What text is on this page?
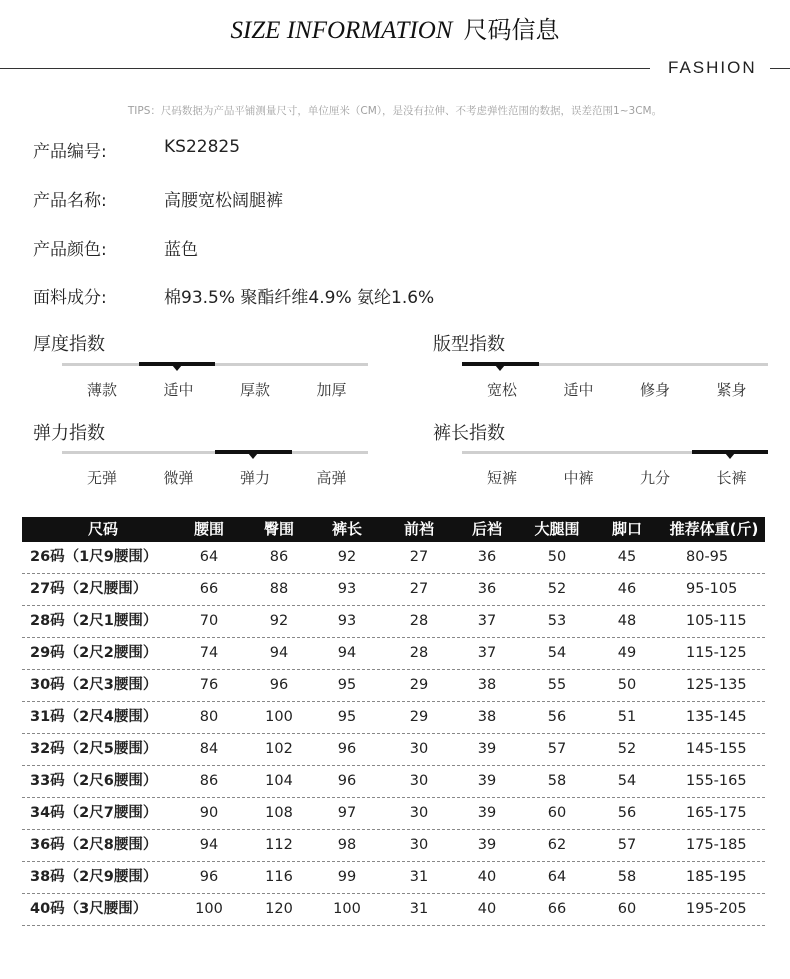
SIZE INFORMATION 尺码信息
FASHION
TIPS：尺码数据为产品平铺测量尺寸，单位厘米（CM），是没有拉伸、不考虑弹性范围的数据，误差范围1~3CM。
产品编号:	KS22825
产品名称:	高腰宽松阔腿裤
产品颜色:	蓝色
面料成分:	棉93.5% 聚酯纤维4.9% 氨纶1.6%
厚度指数
薄款	适中	厚款	加厚
版型指数
宽松	适中	修身	紧身
弹力指数
无弹	微弹	弹力	高弹
裤长指数
短裤	中裤	九分	长裤
尺码	腰围	臀围	裤长	前裆	后裆	大腿围	脚口	推荐体重(斤)
26码（1尺9腰围）	64	86	92	27	36	50	45	80-95
27码（2尺腰围）	66	88	93	27	36	52	46	95-105
28码（2尺1腰围）	70	92	93	28	37	53	48	105-115
29码（2尺2腰围）	74	94	94	28	37	54	49	115-125
30码（2尺3腰围）	76	96	95	29	38	55	50	125-135
31码（2尺4腰围）	80	100	95	29	38	56	51	135-145
32码（2尺5腰围）	84	102	96	30	39	57	52	145-155
33码（2尺6腰围）	86	104	96	30	39	58	54	155-165
34码（2尺7腰围）	90	108	97	30	39	60	56	165-175
36码（2尺8腰围）	94	112	98	30	39	62	57	175-185
38码（2尺9腰围）	96	116	99	31	40	64	58	185-195
40码（3尺腰围）	100	120	100	31	40	66	60	195-205
